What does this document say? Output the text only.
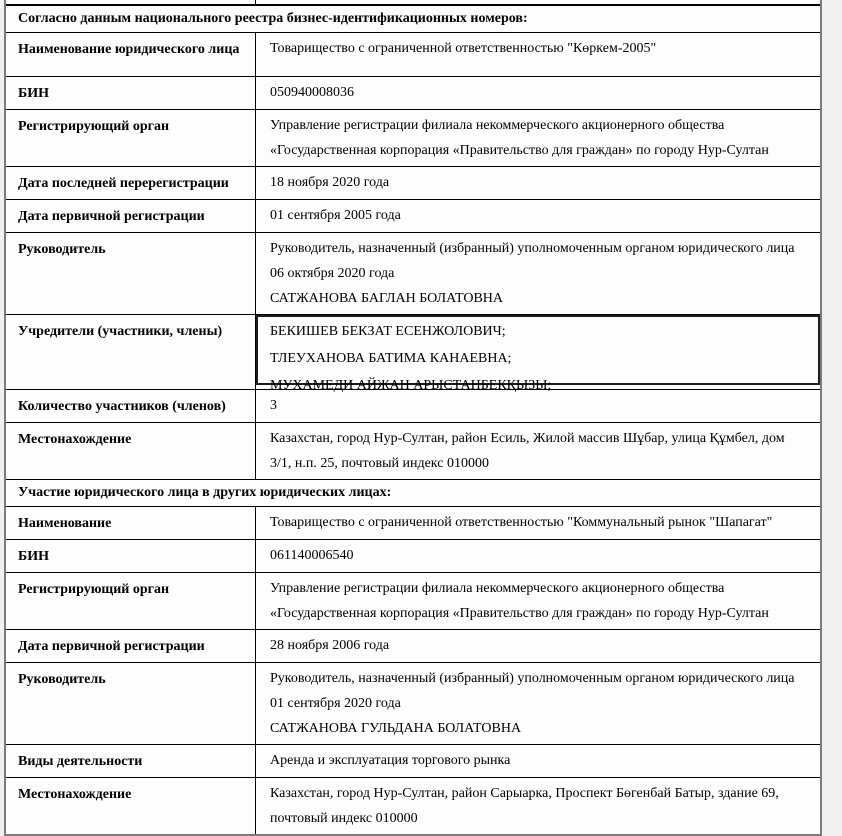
Согласно данным национального реестра бизнес-идентификационных номеров:
Наименование юридического лица	Товарищество с ограниченной ответственностью "Көркем-2005"
БИН	050940008036
Регистрирующий орган	Управление регистрации филиала некоммерческого акционерного общества «Государственная корпорация «Правительство для граждан» по городу Нур-Султан
Дата последней перерегистрации	18 ноября 2020 года
Дата первичной регистрации	01 сентября 2005 года
Руководитель	Руководитель, назначенный (избранный) уполномоченным органом юридического лица
06 октября 2020 года
САТЖАНОВА БАГЛАН БОЛАТОВНА
Учредители (участники, члены)	БЕКИШЕВ БЕКЗАТ ЕСЕНЖОЛОВИЧ;

ТЛЕУХАНОВА БАТИМА КАНАЕВНА;

МУХАМЕДИ АЙЖАН АРЫСТАНБЕКҚЫЗЫ;

Количество участников (членов)	3
Местонахождение	Казахстан, город Нур-Султан, район Есиль, Жилой массив Шұбар, улица Құмбел, дом 3/1, н.п. 25, почтовый индекс 010000
Участие юридического лица в других юридических лицах:
Наименование	Товарищество с ограниченной ответственностью "Коммунальный рынок "Шапагат"
БИН	061140006540
Регистрирующий орган	Управление регистрации филиала некоммерческого акционерного общества «Государственная корпорация «Правительство для граждан» по городу Нур-Султан
Дата первичной регистрации	28 ноября 2006 года
Руководитель	Руководитель, назначенный (избранный) уполномоченным органом юридического лица
01 сентября 2020 года
САТЖАНОВА ГУЛЬДАНА БОЛАТОВНА
Виды деятельности	Аренда и эксплуатация торгового рынка
Местонахождение	Казахстан, город Нур-Султан, район Сарыарка, Проспект Бөгенбай Батыр, здание 69, почтовый индекс 010000
